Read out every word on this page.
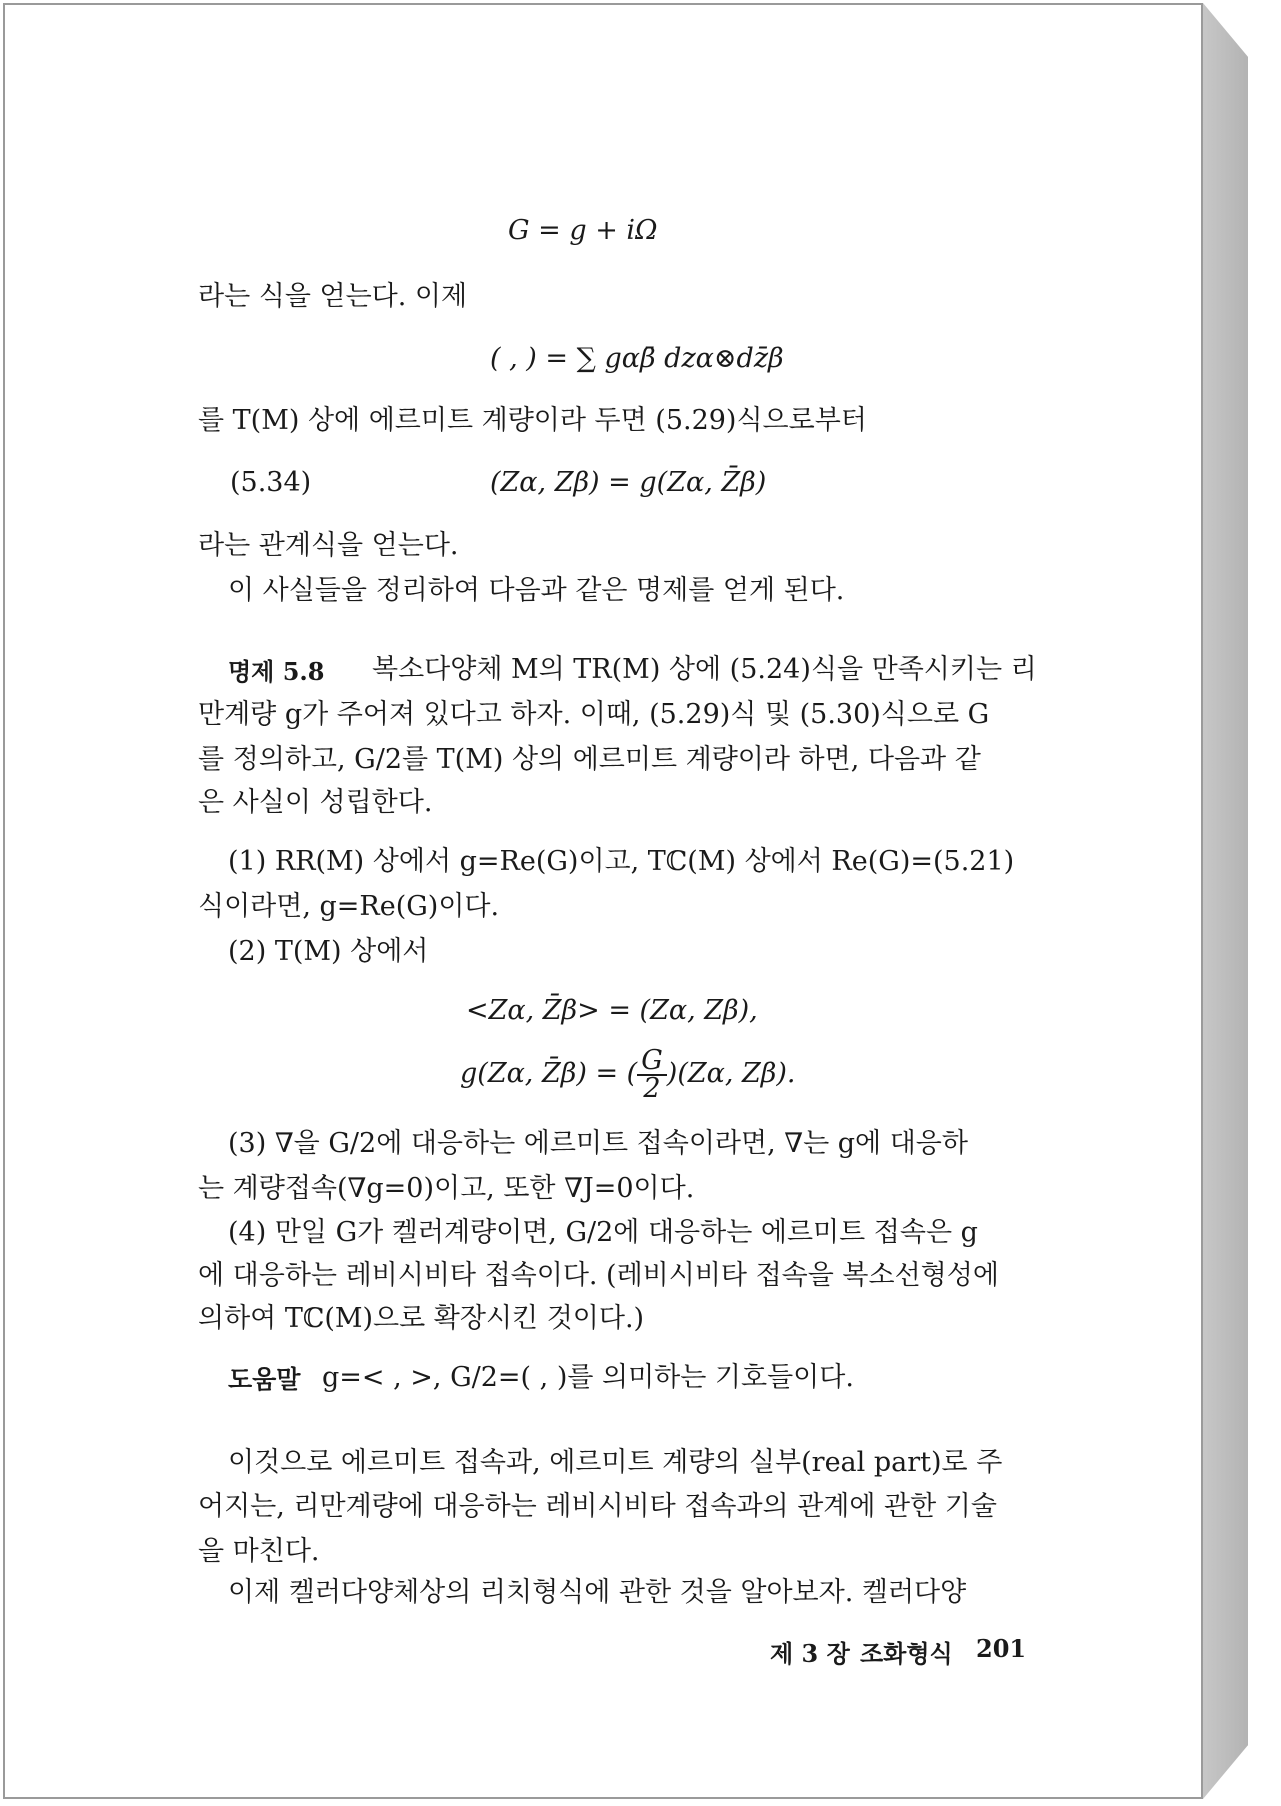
G = g + iΩ
라는 식을 얻는다. 이제
( , ) = ∑ gαβ̄ dzα⊗dz̄β
를 T(M) 상에 에르미트 계량이라 두면 (5.29)식으로부터
(5.34)	(Zα, Zβ) = g(Zα, Z̄β)
라는 관계식을 얻는다.
이 사실들을 정리하여 다음과 같은 명제를 얻게 된다.
명제 5.8 복소다양체 M의 TR(M) 상에 (5.24)식을 만족시키는 리
만계량 g가 주어져 있다고 하자. 이때, (5.29)식 및 (5.30)식으로 G
를 정의하고, G/2를 T(M) 상의 에르미트 계량이라 하면, 다음과 같
은 사실이 성립한다.
(1) RR(M) 상에서 g=Re(G)이고, Tℂ(M) 상에서 Re(G)=(5.21)
식이라면, g=Re(G)이다.
(2) T(M) 상에서
<Zα, Z̄β> = (Zα, Zβ),
g(Zα, Z̄β) = ( $\frac{G}{2} )(Z\alpha$, Zβ).
(3) ∇을 G/2에 대응하는 에르미트 접속이라면, ∇는 g에 대응하
는 계량접속(∇g=0)이고, 또한 ∇J=0이다.
(4) 만일 G가 켈러계량이면, G/2에 대응하는 에르미트 접속은 g
에 대응하는 레비시비타 접속이다. (레비시비타 접속을 복소선형성에
의하여 Tℂ(M)으로 확장시킨 것이다.)
도움말 g=< , >, G/2=( , )를 의미하는 기호들이다.
이것으로 에르미트 접속과, 에르미트 계량의 실부(real part)로 주
어지는, 리만계량에 대응하는 레비시비타 접속과의 관계에 관한 기술
을 마친다.
이제 켈러다양체상의 리치형식에 관한 것을 알아보자. 켈러다양
제 3 장 조화형식 201
